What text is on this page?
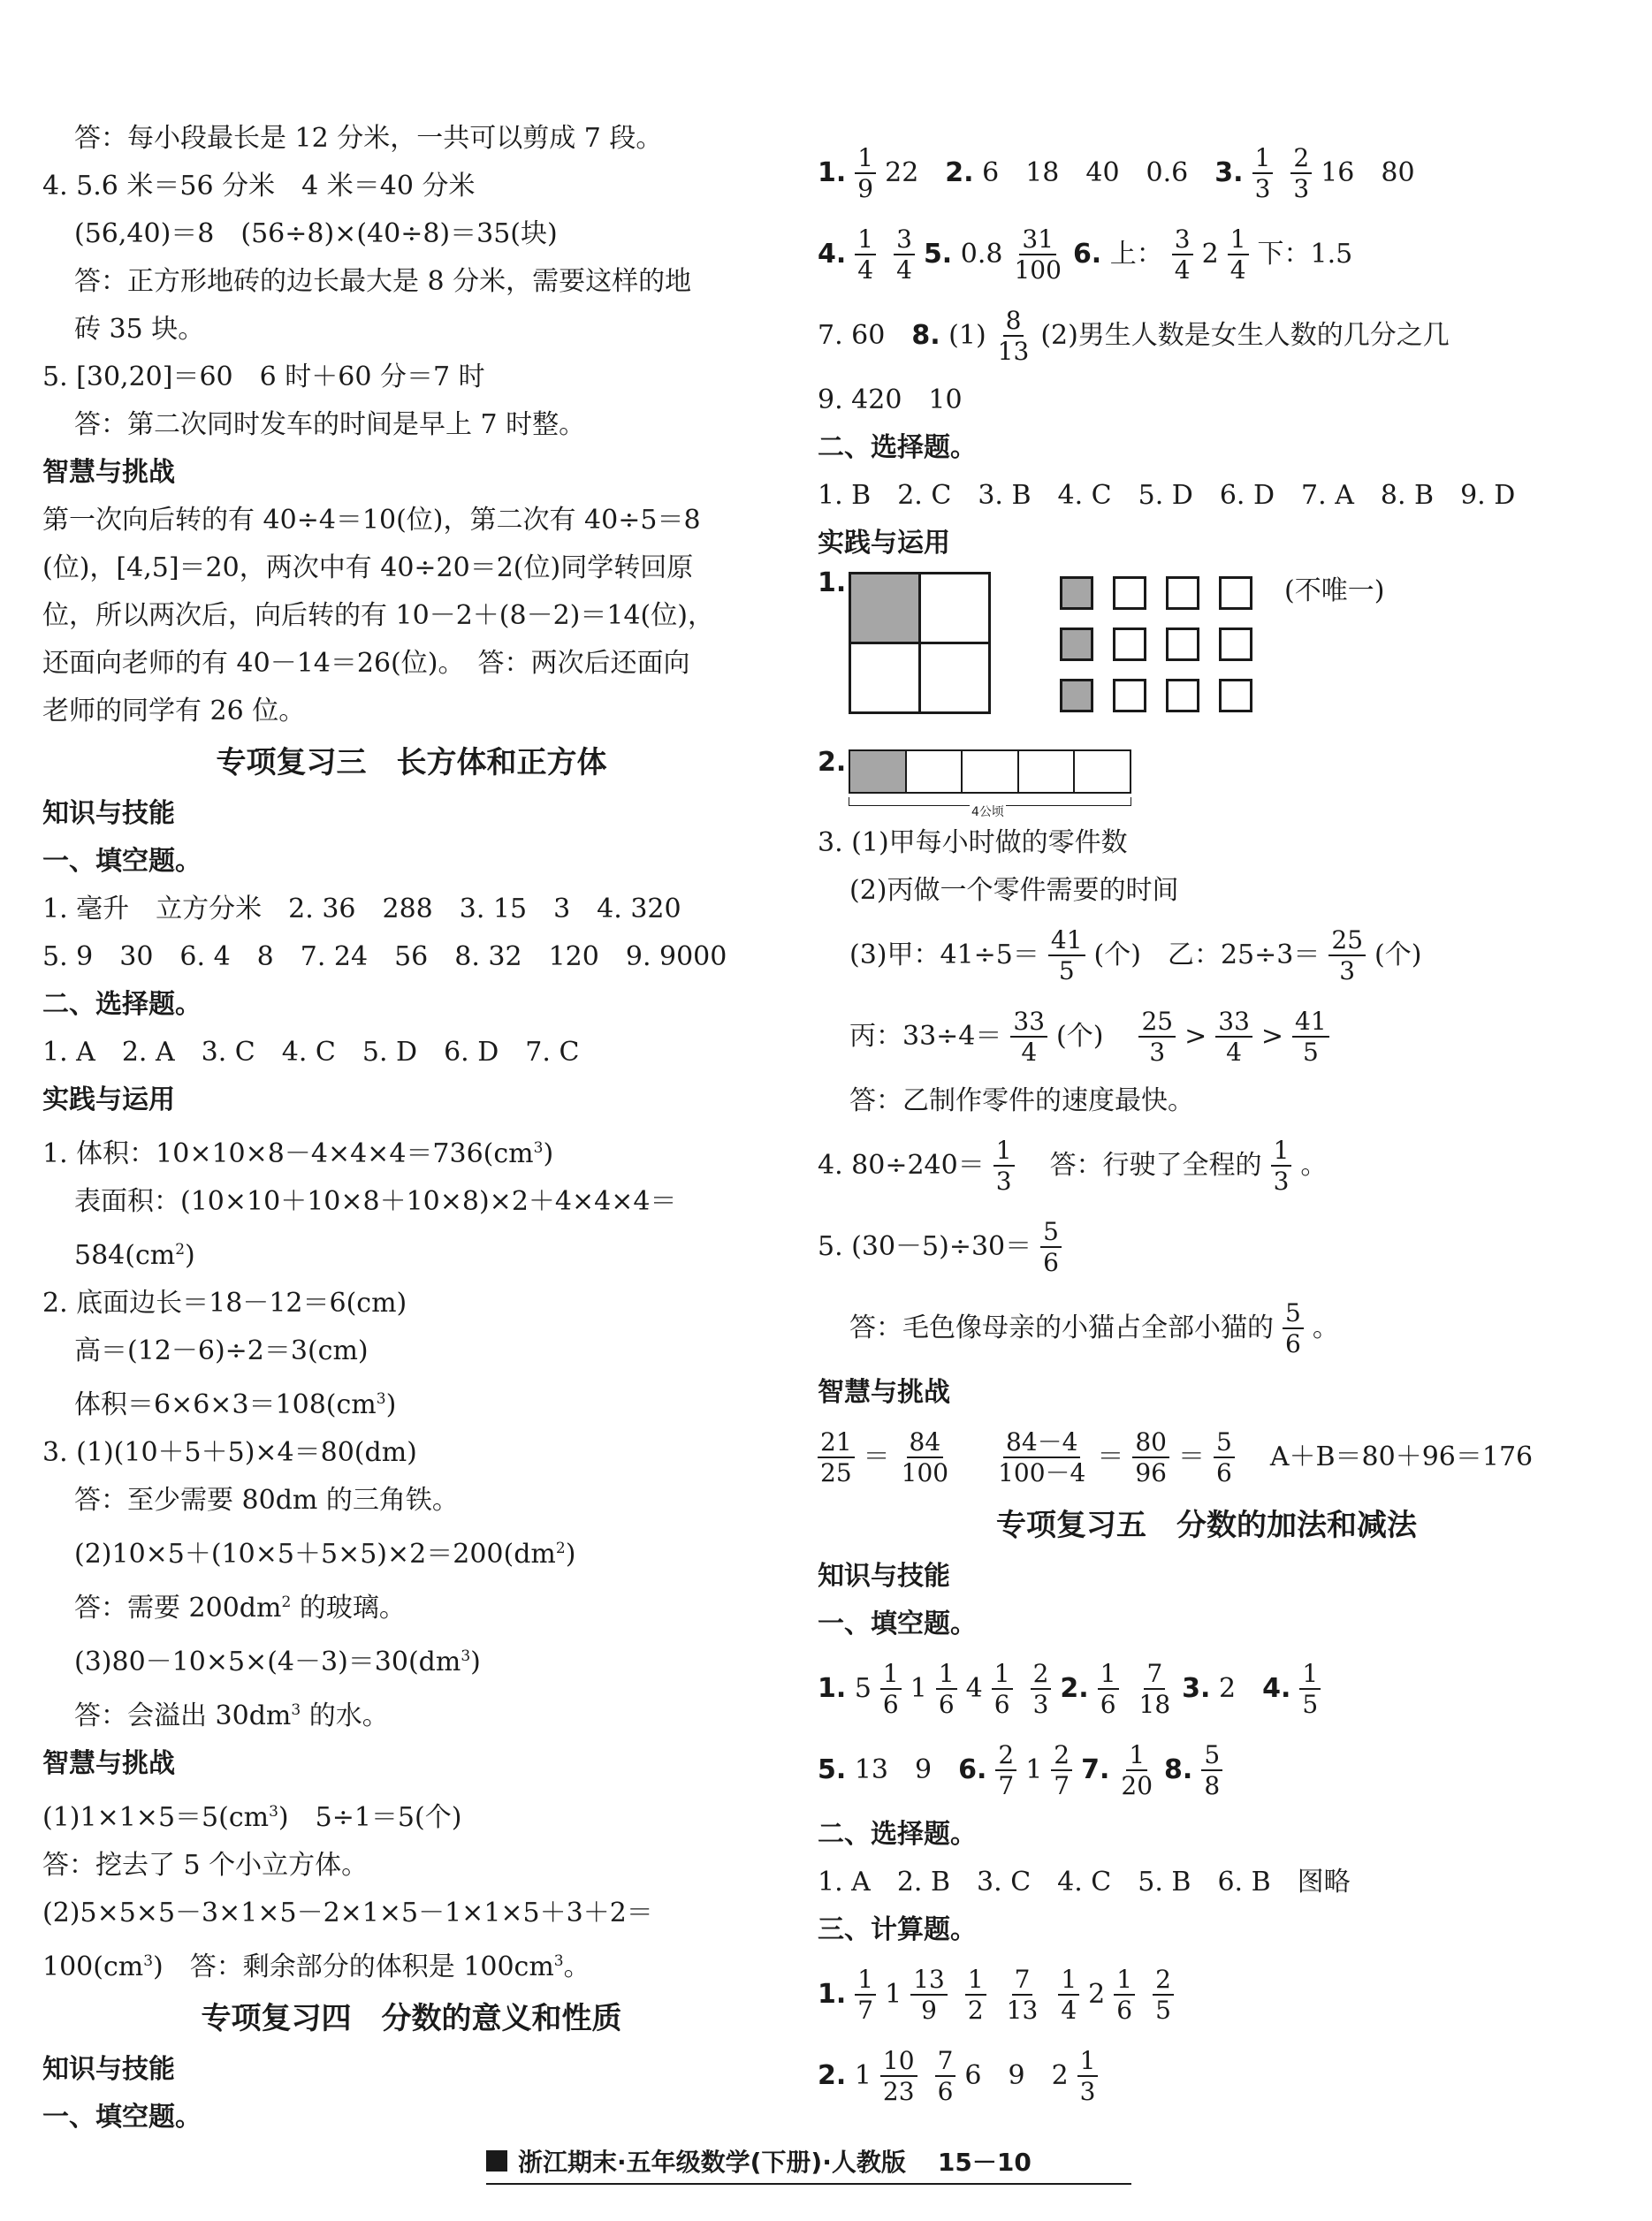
答：每小段最长是 12 分米，一共可以剪成 7 段。
4. 5.6 米＝56 分米　4 米＝40 分米
(56,40)＝8　(56÷8)×(40÷8)＝35(块)
答：正方形地砖的边长最大是 8 分米，需要这样的地
砖 35 块。
5. [30,20]＝60　6 时＋60 分＝7 时
答：第二次同时发车的时间是早上 7 时整。
智慧与挑战
第一次向后转的有 40÷4＝10(位)，第二次有 40÷5＝8
(位)，[4,5]＝20，两次中有 40÷20＝2(位)同学转回原
位，所以两次后，向后转的有 10－2＋(8－2)＝14(位)，
还面向老师的有 40－14＝26(位)。　答：两次后还面向
老师的同学有 26 位。
专项复习三　长方体和正方体
知识与技能
一、填空题。
1. 毫升　立方分米　2. 36　288　3. 15　3　4. 320
5. 9　30　6. 4　8　7. 24　56　8. 32　120　9. 9000
二、选择题。
1. A　2. A　3. C　4. C　5. D　6. D　7. C
实践与运用
1. 体积：$10\times 10\times 8-4\times 4\times 4=736(cm^3)$
表面积：(10×10＋10×8＋10×8)×2＋4×4×4＝
$584(cm^2)$
2. 底面边长＝18－12＝6(cm)
高＝(12－6)÷2＝3(cm)
体积$=6\times 6\times 3=108(cm^3)$
3. (1)(10＋5＋5)×4＝80(dm)
答：至少需要 80dm 的三角铁。
$(2)10\times 5+(10\times 5+5\times 5)\times 2=200(dm^2)$
答：需要 $200dm^2$ 的玻璃。
$(3)80-10\times 5\times(4-3)=30(dm^3)$
答：会溢出 $30dm^3$ 的水。
智慧与挑战
$(1)1\times 1\times 5=5(cm^3)$　5÷1＝5(个)
答：挖去了 5 个小立方体。
(2)5×5×5－3×1×5－2×1×5－1×1×5＋3＋2＝
$100(cm^3)$　答：剩余部分的体积是 $100cm^3$。
专项复习四　分数的意义和性质
知识与技能
一、填空题。
1. $\frac{1}{9} 22$ 2.
6　18　40　0.6 3. $\frac{1}{3} \frac{2}{3} 16$　80
4. $\frac{1}{4} \frac{3}{4} 5$.
$0.8 \frac{31}{100} 6$.
上： $\frac{3}{4} 2 \frac{1}{4}$ 下：1.5
7. 60 8.
$(1) \frac{8}{13} (2)$男生人数是女生人数的几分之几
9. 420　10
二、选择题。
1. B　2. C　3. B　4. C　5. D　6. D　7. A　8. B　9. D
实践与运用
1.	(不唯一)
2.
4公顷
3. (1)甲每小时做的零件数
(2)丙做一个零件需要的时间
(3)甲：$41\div 5= \frac{41}{5}$ (个) 乙：$25\div 3= \frac{25}{3}$ (个)
丙：$33\div 4= \frac{33}{4}$ (个) $\frac{25}{3} > \frac{33}{4} > \frac{41}{5}$
答：乙制作零件的速度最快。
4. $80\div 240= \frac{1}{3}$ 答：行驶了全程的 $\frac{1}{3}$ 。
5. $(30-5)\div 30= \frac{5}{6}$
答：毛色像母亲的小猫占全部小猫的 $\frac{5}{6}$ 。
智慧与挑战
$\frac{21}{25} = \frac{84}{100} \frac{84-4}{100-4} = \frac{80}{96} = \frac{5}{6} A+B=80+96=176$
专项复习五　分数的加法和减法
知识与技能
一、填空题。
1.
$5 \frac{1}{6} 1 \frac{1}{6} 4 \frac{1}{6} \frac{2}{3} 2$. $\frac{1}{6} \frac{7}{18} 3$.
2 4. $\frac{1}{5}$
5.
13　9 6. $\frac{2}{7} 1 \frac{2}{7} 7$. $\frac{1}{20} 8$. $\frac{5}{8}$
二、选择题。
1. A　2. B　3. C　4. C　5. B　6. B　图略
三、计算题。
1. $\frac{1}{7} 1 \frac{13}{9} \frac{1}{2} \frac{7}{13} \frac{1}{4} 2 \frac{1}{6} \frac{2}{5}$
2.
$1 \frac{10}{23} \frac{7}{6} 6$　9　$2 \frac{1}{3}$
浙江期末·五年级数学(下册)·人教版 15－10
